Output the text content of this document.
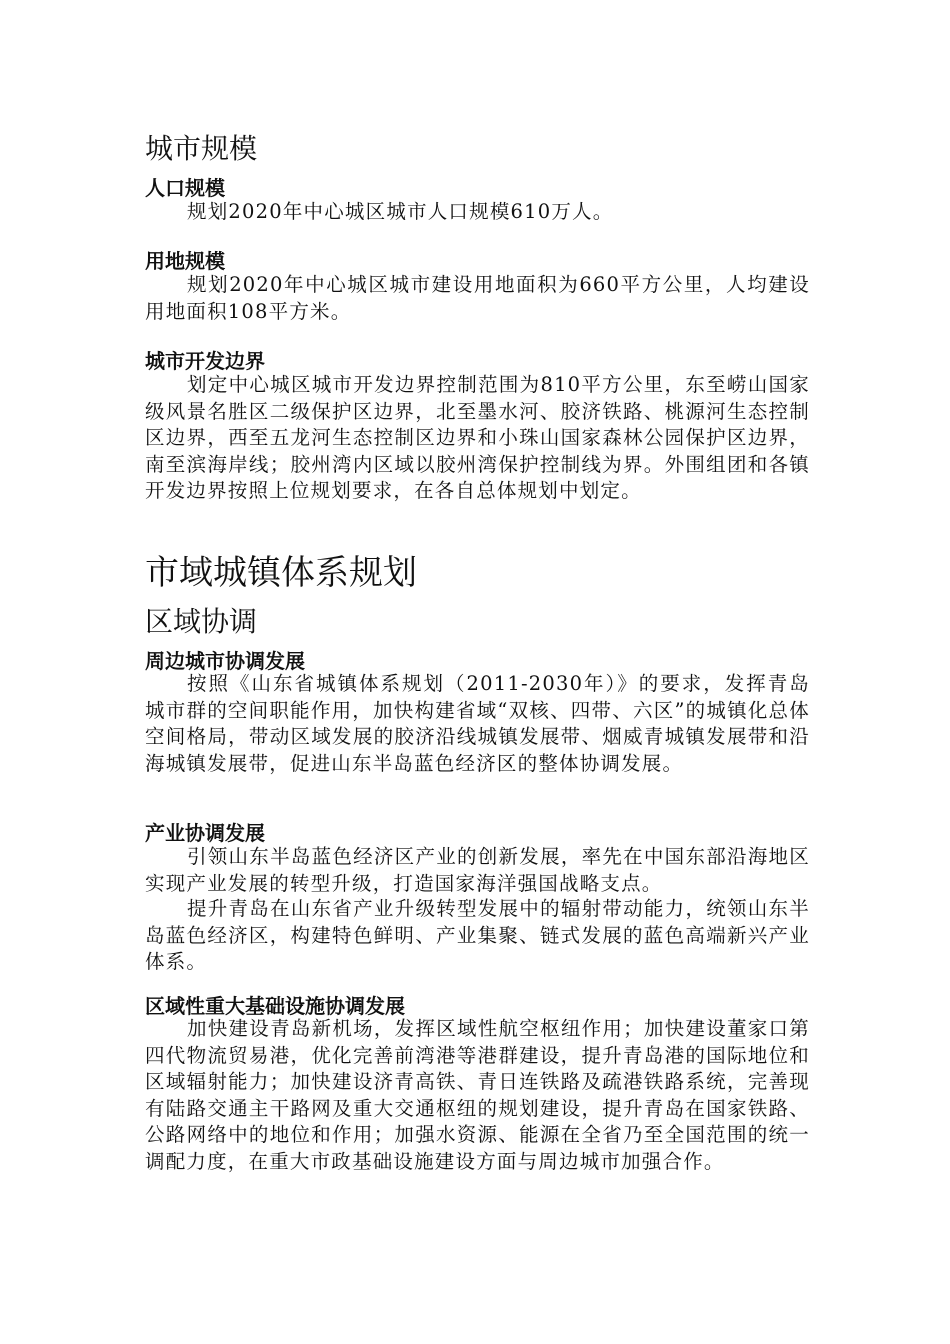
城市规模
人口规模

规划2020年中心城区城市人口规模610万人。

用地规模

规划2020年中心城区城市建设用地面积为660平方公里，人均建设用地面积108平方米。

城市开发边界

划定中心城区城市开发边界控制范围为810平方公里，东至崂山国家级风景名胜区二级保护区边界，北至墨水河、胶济铁路、桃源河生态控制区边界，西至五龙河生态控制区边界和小珠山国家森林公园保护区边界，南至滨海岸线；胶州湾内区域以胶州湾保护控制线为界。外围组团和各镇开发边界按照上位规划要求，在各自总体规划中划定。

市域城镇体系规划
区域协调
周边城市协调发展

按照《山东省城镇体系规划（2011-2030年）》的要求，发挥青岛城市群的空间职能作用，加快构建省域“双核、四带、六区”的城镇化总体空间格局，带动区域发展的胶济沿线城镇发展带、烟威青城镇发展带和沿海城镇发展带，促进山东半岛蓝色经济区的整体协调发展。

产业协调发展

引领山东半岛蓝色经济区产业的创新发展，率先在中国东部沿海地区实现产业发展的转型升级，打造国家海洋强国战略支点。

提升青岛在山东省产业升级转型发展中的辐射带动能力，统领山东半岛蓝色经济区，构建特色鲜明、产业集聚、链式发展的蓝色高端新兴产业体系。

区域性重大基础设施协调发展

加快建设青岛新机场，发挥区域性航空枢纽作用；加快建设董家口第四代物流贸易港，优化完善前湾港等港群建设，提升青岛港的国际地位和区域辐射能力；加快建设济青高铁、青日连铁路及疏港铁路系统，完善现有陆路交通主干路网及重大交通枢纽的规划建设，提升青岛在国家铁路、公路网络中的地位和作用；加强水资源、能源在全省乃至全国范围的统一调配力度，在重大市政基础设施建设方面与周边城市加强合作。
